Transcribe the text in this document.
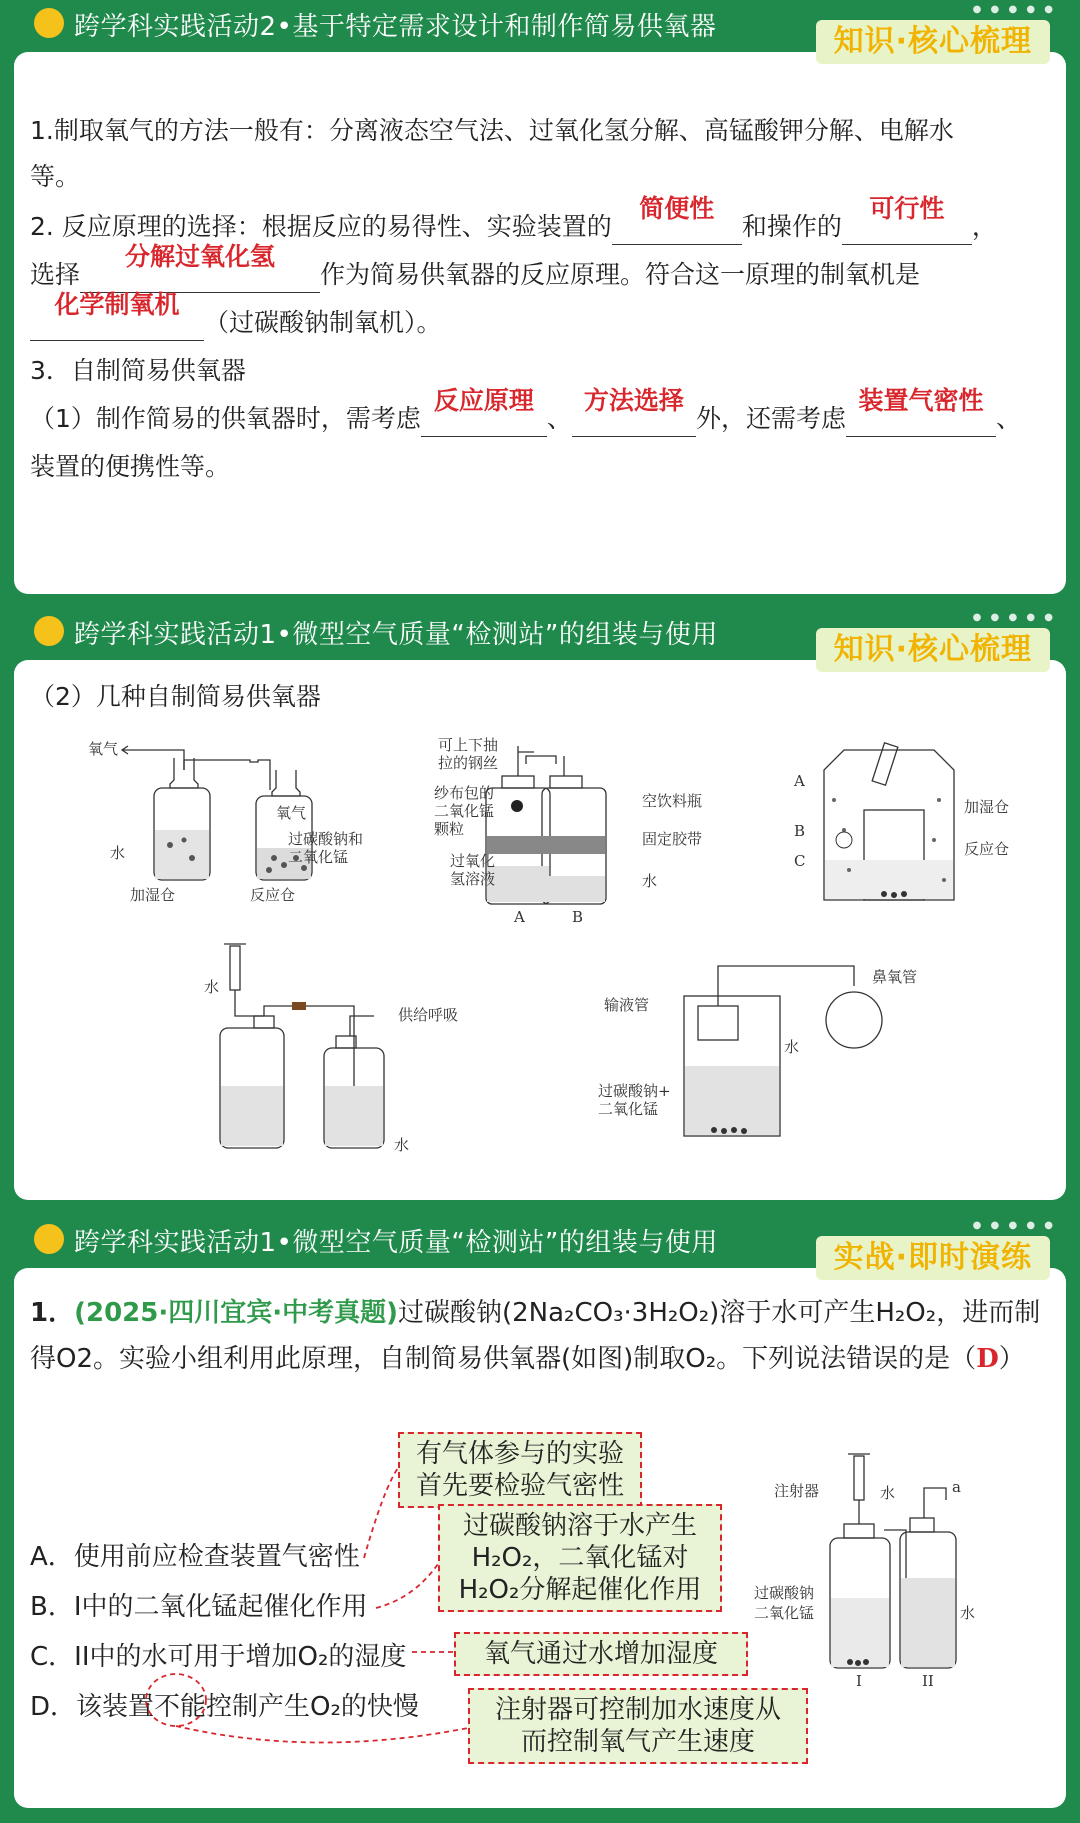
跨学科实践活动2•基于特定需求设计和制作简易供氧器
● ● ● ● ●
知识·核心梳理
1.制取氧气的方法一般有：分离液态空气法、过氧化氢分解、高锰酸钾分解、电解水
等。
2. 反应原理的选择：根据反应的易得性、实验装置的
简便性
和操作的
可行性
，
选择
分解过氧化氢
作为简易供氧器的反应原理。符合这一原理的制氧机是
化学制氧机
（过碳酸钠制氧机）。
3．自制简易供氧器
（1）制作简易的供氧器时，需考虑
反应原理
、
方法选择
外，还需考虑
装置气密性
、
装置的便携性等。
跨学科实践活动1•微型空气质量“检测站”的组装与使用
● ● ● ● ●
知识·核心梳理
（2）几种自制简易供氧器
氧气
氧气
水
加湿仓	反应仓
过碳酸钠和
二氧化锰
可上下抽
拉的钢丝
纱布包的
二氧化锰
颗粒
过氧化
氢溶液
空饮料瓶
固定胶带
水
A	B
A
B
C
加湿仓
反应仓
水
供给呼吸
水
输液管
鼻氧管
水
过碳酸钠+
二氧化锰
跨学科实践活动1•微型空气质量“检测站”的组装与使用
● ● ● ● ●
实战·即时演练
1．(2025·四川宜宾·中考真题)过碳酸钠(2Na₂CO₃·3H₂O₂)溶于水可产生H₂O₂，进而制
得O2。实验小组利用此原理，自制简易供氧器(如图)制取O₂。下列说法错误的是（D）
A．使用前应检查装置气密性
B．I中的二氧化锰起催化作用
C．II中的水可用于增加O₂的湿度
D．该装置不能控制产生O₂的快慢
有气体参与的实验
首先要检验气密性
过碳酸钠溶于水产生
H₂O₂，二氧化锰对
H₂O₂分解起催化作用
氧气通过水增加湿度
注射器可控制加水速度从
而控制氧气产生速度
注射器	水	a
过碳酸钠
二氧化锰	水
I	II
